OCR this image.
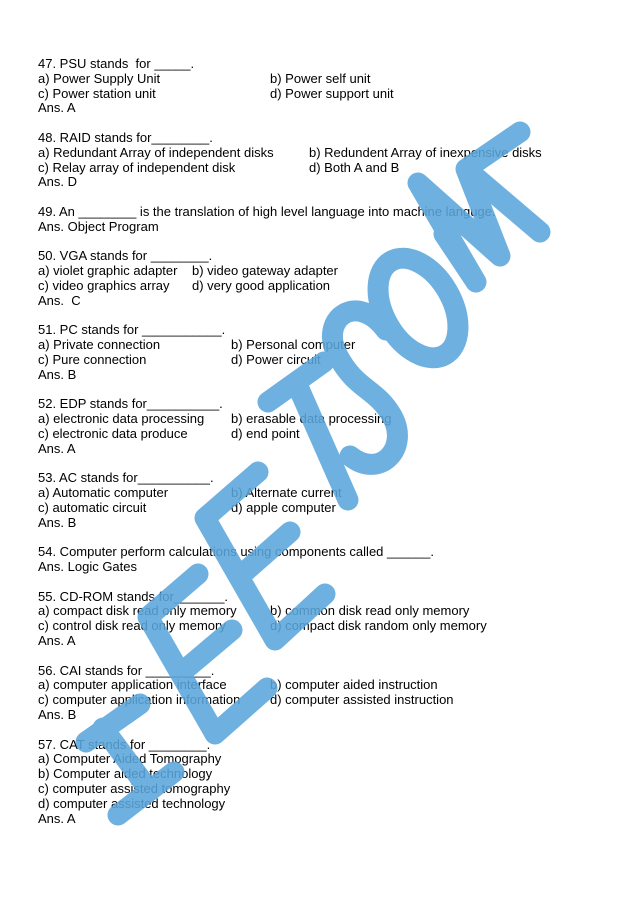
47. PSU stands  for _____.
a) Power Supply Unit	b) Power self unit
c) Power station unit	d) Power support unit
Ans. A
48. RAID stands for________.
a) Redundant Array of independent disks	b) Redundent Array of inexpensive disks
c) Relay array of independent disk	d) Both A and B
Ans. D
49. An ________ is the translation of high level language into machine languge.
Ans. Object Program
50. VGA stands for ________.
a) violet graphic adapter	b) video gateway adapter
c) video graphics array	d) very good application
Ans.  C
51. PC stands for ___________.
a) Private connection	b) Personal computer
c) Pure connection	d) Power circuit
Ans. B
52. EDP stands for__________.
a) electronic data processing	b) erasable data processing
c) electronic data produce	d) end point
Ans. A
53. AC stands for__________.
a) Automatic computer	b) Alternate current
c) automatic circuit	d) apple computer
Ans. B
54. Computer perform calculations using components called ______.
Ans. Logic Gates
55. CD-ROM stands for_______.
a) compact disk read only memory	b) common disk read only memory
c) control disk read only memory	d) compact disk random only memory
Ans. A
56. CAI stands for _________.
a) computer application interface	b) computer aided instruction
c) computer application information	d) computer assisted instruction
Ans. B
57. CAT stands for ________.
a) Computer Aided Tomography
b) Computer aided technology
c) computer assisted tomography
d) computer assisted technology
Ans. A
